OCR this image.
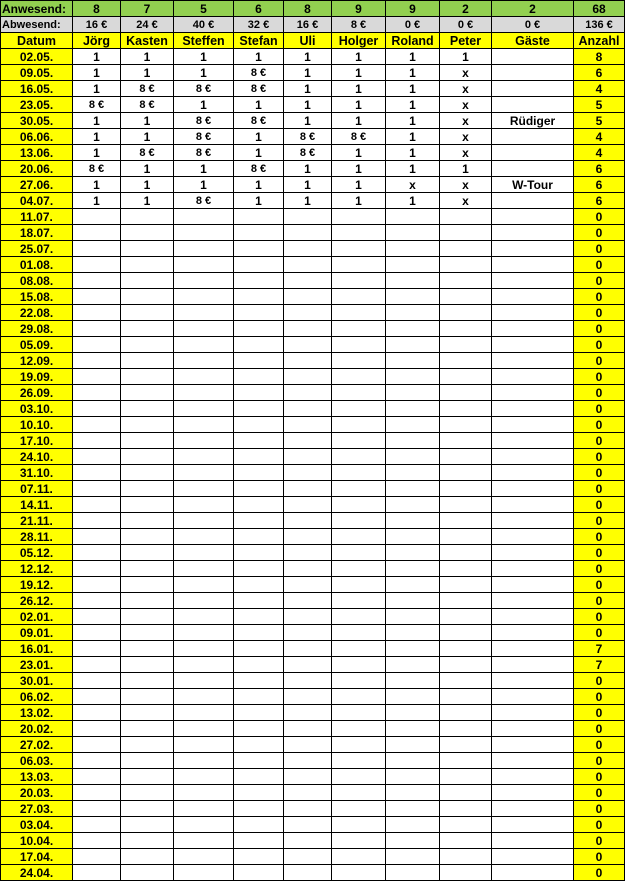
Anwesend:	8	7	5	6	8	9	9	2	2	68
Abwesend:	16 €	24 €	40 €	32 €	16 €	8 €	0 €	0 €	0 €	136 €
Datum	Jörg	Kasten	Steffen	Stefan	Uli	Holger	Roland	Peter	Gäste	Anzahl
02.05.	1	1	1	1	1	1	1	1		8
09.05.	1	1	1	8 €	1	1	1	x		6
16.05.	1	8 €	8 €	8 €	1	1	1	x		4
23.05.	8 €	8 €	1	1	1	1	1	x		5
30.05.	1	1	8 €	8 €	1	1	1	x	Rüdiger	5
06.06.	1	1	8 €	1	8 €	8 €	1	x		4
13.06.	1	8 €	8 €	1	8 €	1	1	x		4
20.06.	8 €	1	1	8 €	1	1	1	1		6
27.06.	1	1	1	1	1	1	x	x	W-Tour	6
04.07.	1	1	8 €	1	1	1	1	x		6
11.07.										0
18.07.										0
25.07.										0
01.08.										0
08.08.										0
15.08.										0
22.08.										0
29.08.										0
05.09.										0
12.09.										0
19.09.										0
26.09.										0
03.10.										0
10.10.										0
17.10.										0
24.10.										0
31.10.										0
07.11.										0
14.11.										0
21.11.										0
28.11.										0
05.12.										0
12.12.										0
19.12.										0
26.12.										0
02.01.										0
09.01.										0
16.01.										7
23.01.										7
30.01.										0
06.02.										0
13.02.										0
20.02.										0
27.02.										0
06.03.										0
13.03.										0
20.03.										0
27.03.										0
03.04.										0
10.04.										0
17.04.										0
24.04.										0
